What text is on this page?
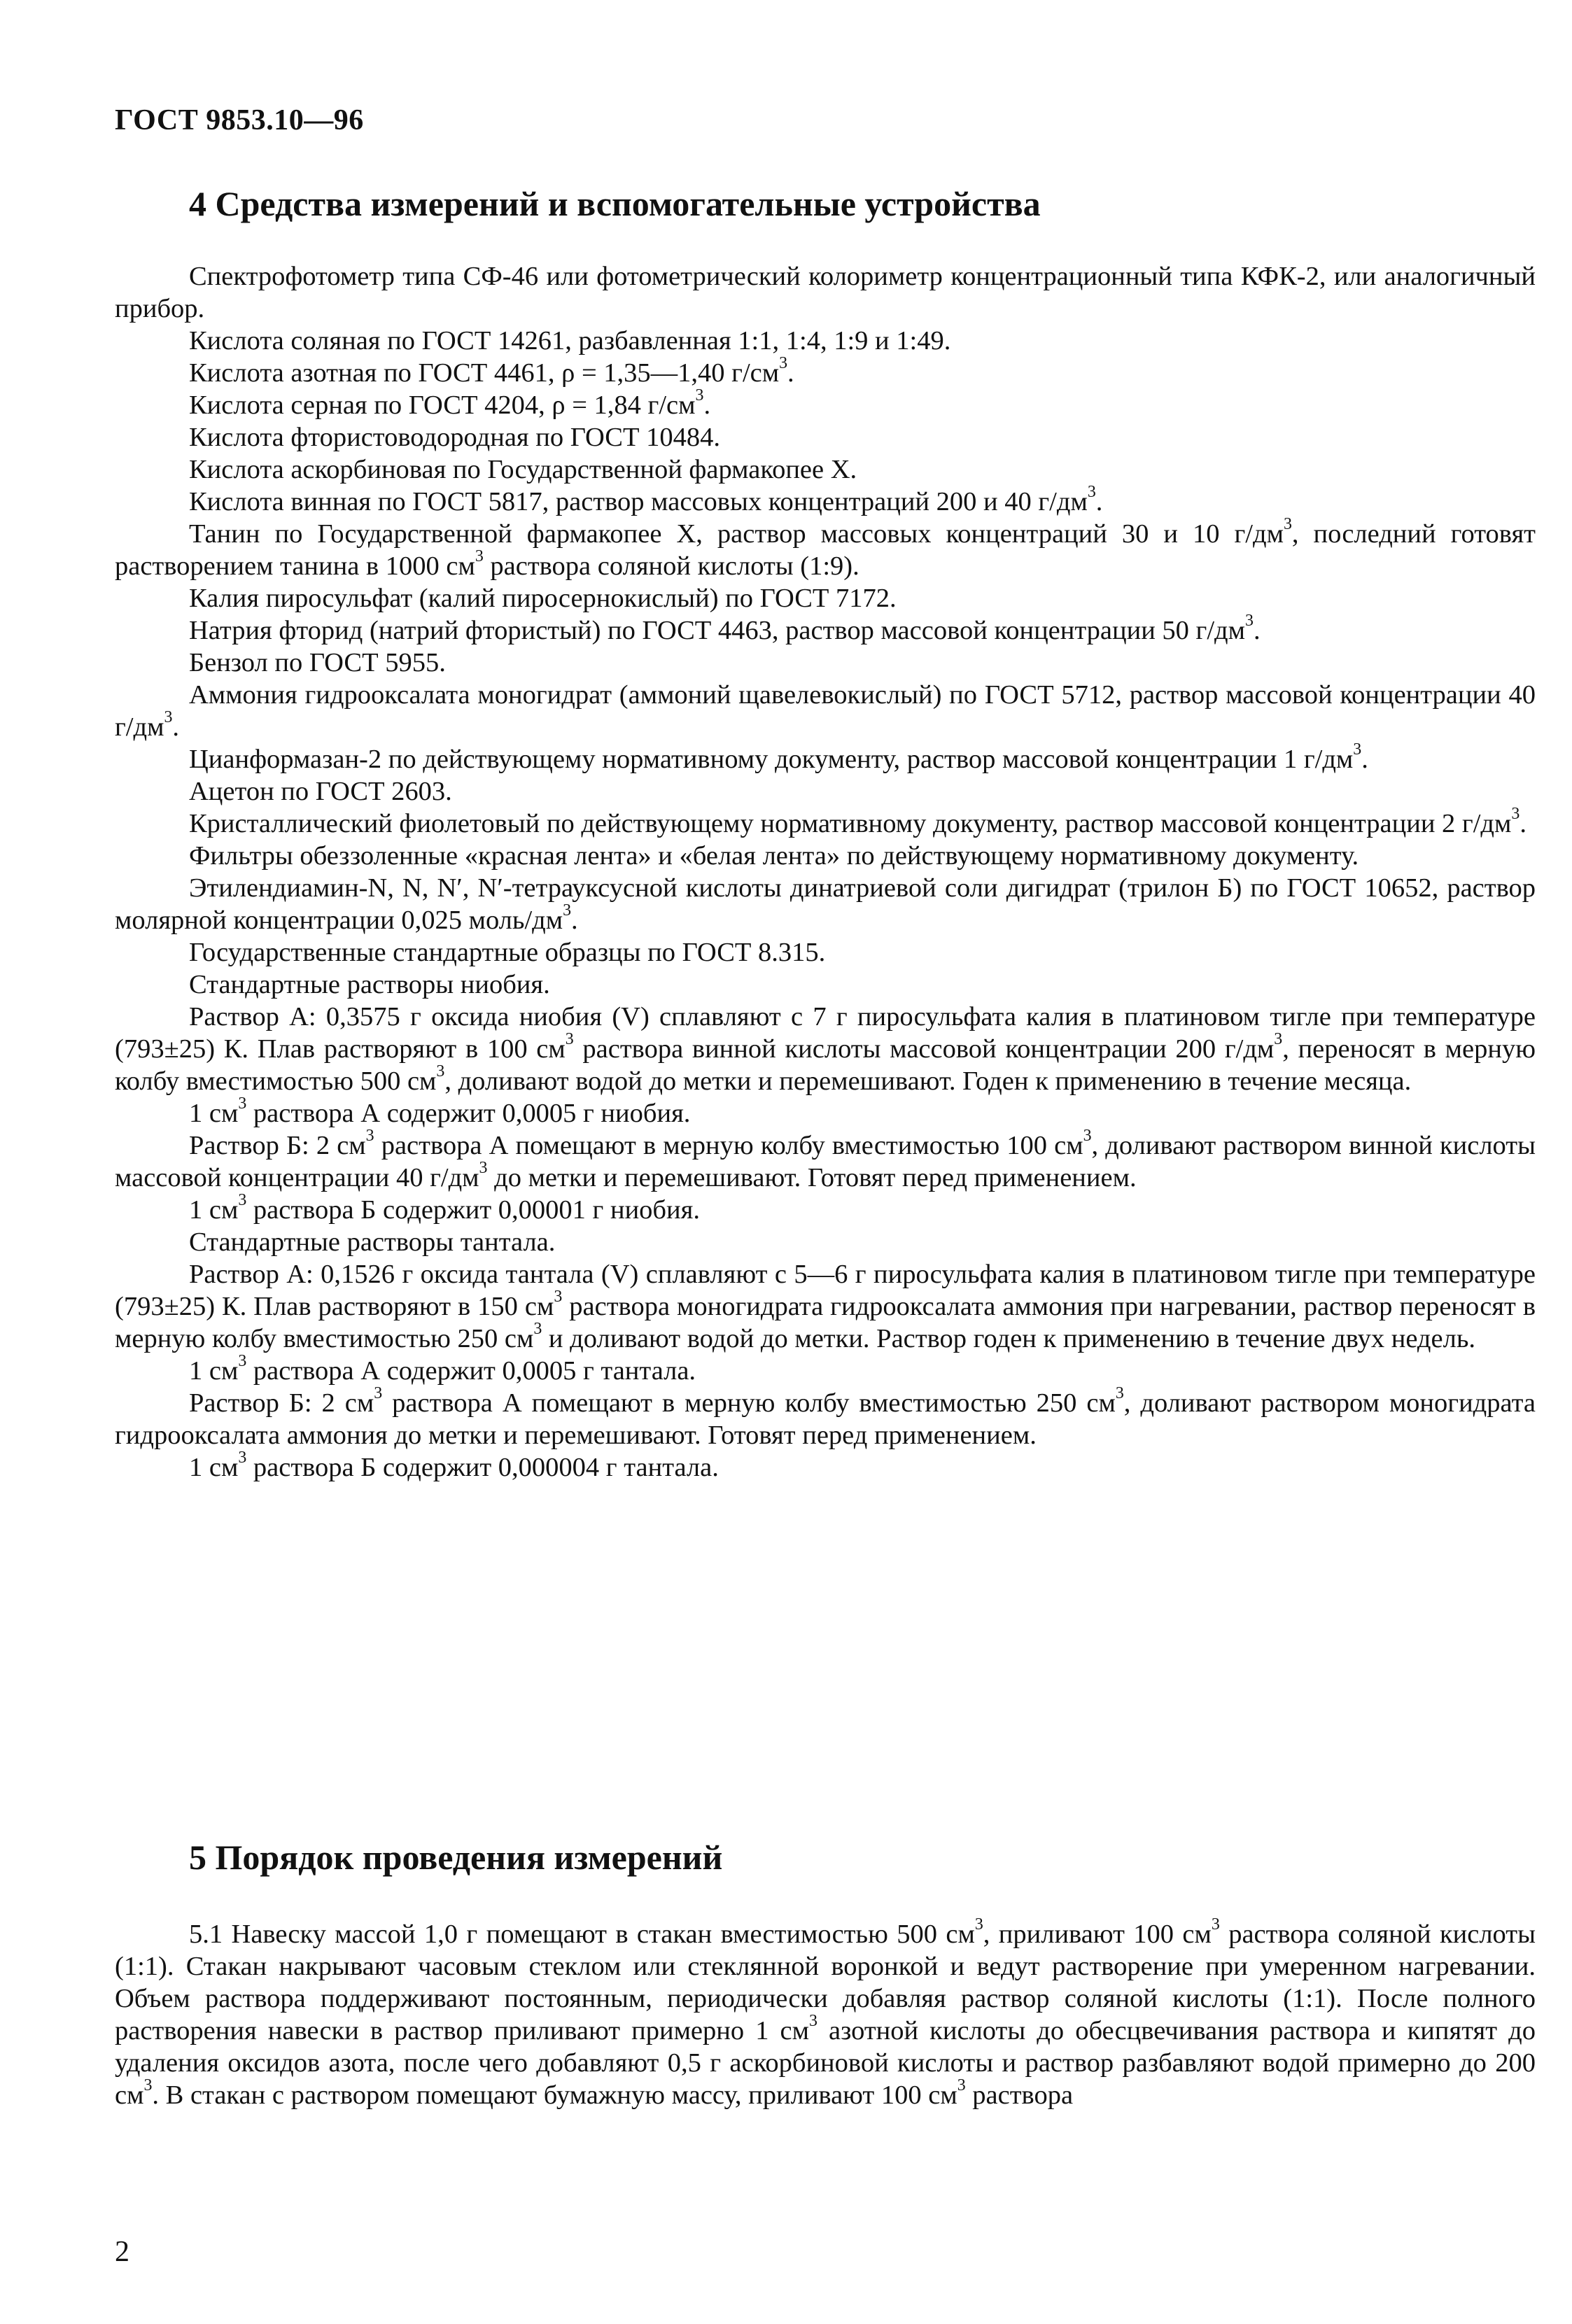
ГОСТ 9853.10—96
4 Средства измерений и вспомогательные устройства

Спектрофотометр типа СФ-46 или фотометрический колориметр концентрационный типа КФК-2, или аналогичный прибор.

Кислота соляная по ГОСТ 14261, разбавленная 1:1, 1:4, 1:9 и 1:49.

Кислота азотная по ГОСТ 4461, ρ = 1,35—1,40 $г/см^3$.

Кислота серная по ГОСТ 4204, ρ = 1,84 $г/см^3$.

Кислота фтористоводородная по ГОСТ 10484.

Кислота аскорбиновая по Государственной фармакопее X.

Кислота винная по ГОСТ 5817, раствор массовых концентраций 200 и 40 $г/дм^3$.

Танин по Государственной фармакопее X, раствор массовых концентраций 30 и 10 $г/дм^3$, последний готовят растворением танина в 1000 $см^3$ раствора соляной кислоты (1:9).

Калия пиросульфат (калий пиросернокислый) по ГОСТ 7172.

Натрия фторид (натрий фтористый) по ГОСТ 4463, раствор массовой концентрации 50 $г/дм^3$.

Бензол по ГОСТ 5955.

Аммония гидрооксалата моногидрат (аммоний щавелевокислый) по ГОСТ 5712, раствор массовой концентрации 40 $г/дм^3$.

Цианформазан-2 по действующему нормативному документу, раствор массовой концентрации 1 $г/дм^3$.

Ацетон по ГОСТ 2603.

Кристаллический фиолетовый по действующему нормативному документу, раствор массовой концентрации 2 $г/дм^3$.

Фильтры обеззоленные «красная лента» и «белая лента» по действующему нормативному документу.

Этилендиамин-N, N, N′, N′-тетрауксусной кислоты динатриевой соли дигидрат (трилон Б) по ГОСТ 10652, раствор молярной концентрации 0,025 моль/$дм^3$.

Государственные стандартные образцы по ГОСТ 8.315.

Стандартные растворы ниобия.

Раствор А: 0,3575 г оксида ниобия (V) сплавляют с 7 г пиросульфата калия в платиновом тигле при температуре (793±25) К. Плав растворяют в 100 $см^3$ раствора винной кислоты массовой концентрации 200 $г/дм^3$, переносят в мерную колбу вместимостью 500 $см^3$, доливают водой до метки и перемешивают. Годен к применению в течение месяца.

1 $см^3$ раствора А содержит 0,0005 г ниобия.

Раствор Б: 2 $см^3$ раствора А помещают в мерную колбу вместимостью 100 $см^3$, доливают раствором винной кислоты массовой концентрации 40 $г/дм^3$ до метки и перемешивают. Готовят перед применением.

1 $см^3$ раствора Б содержит 0,00001 г ниобия.

Стандартные растворы тантала.

Раствор А: 0,1526 г оксида тантала (V) сплавляют с 5—6 г пиросульфата калия в платиновом тигле при температуре (793±25) К. Плав растворяют в 150 $см^3$ раствора моногидрата гидрооксалата аммония при нагревании, раствор переносят в мерную колбу вместимостью 250 $см^3$ и доливают водой до метки. Раствор годен к применению в течение двух недель.

1 $см^3$ раствора А содержит 0,0005 г тантала.

Раствор Б: 2 $см^3$ раствора А помещают в мерную колбу вместимостью 250 $см^3$, доливают раствором моногидрата гидрооксалата аммония до метки и перемешивают. Готовят перед применением.

1 $см^3$ раствора Б содержит 0,000004 г тантала.

5 Порядок проведения измерений

5.1 Навеску массой 1,0 г помещают в стакан вместимостью 500 $см^3$, приливают 100 $см^3$ раствора соляной кислоты (1:1). Стакан накрывают часовым стеклом или стеклянной воронкой и ведут растворение при умеренном нагревании. Объем раствора поддерживают постоянным, периодически добавляя раствор соляной кислоты (1:1). После полного растворения навески в раствор приливают примерно 1 $см^3$ азотной кислоты до обесцвечивания раствора и кипятят до удаления оксидов азота, после чего добавляют 0,5 г аскорбиновой кислоты и раствор разбавляют водой примерно до 200 $см^3$. В стакан с раствором помещают бумажную массу, приливают 100 $см^3$ раствора

2
